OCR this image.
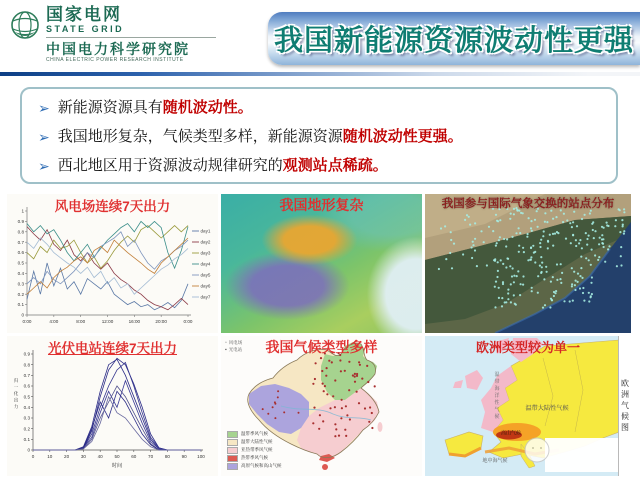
国家电网
STATE GRID
中国电力科学研究院
CHINA ELECTRIC POWER RESEARCH INSTITUTE
我国新能源资源波动性更强
➢ 新能源资源具有随机波动性。
➢ 我国地形复杂，气候类型多样，新能源资源随机波动性更强。
➢ 西北地区用于资源波动规律研究的观测站点稀疏。
风电场连续7天出力
0
0.1
0.2
0.3
0.4
0.5
0.6
0.7
0.8
0.9
1
0:00	4:00	8:00	12:00	16:00	20:00	0:00
day1
day2
day3
day4
day5
day6
day7
我国地形复杂	我国参与国际气象交换的站点分布
光伏电站连续7天出力
0
0.1
0.2
0.3
0.4
0.5
0.6
0.7
0.8
0.9
0	10	20	30	40	50	60	70	80	90 100
时间
归
一
化
出
力
我国气候类型多样
▫ 风电场
▪ 光电站
温带季风气候
温带大陆性气候
亚热带季风气候
热带季风气候
高原气候和高山气候
欧洲类型较为单一
温带大陆性气候
高山气候
地中海气候
温
带
海
洋
性
气
候	欧洲气候图
